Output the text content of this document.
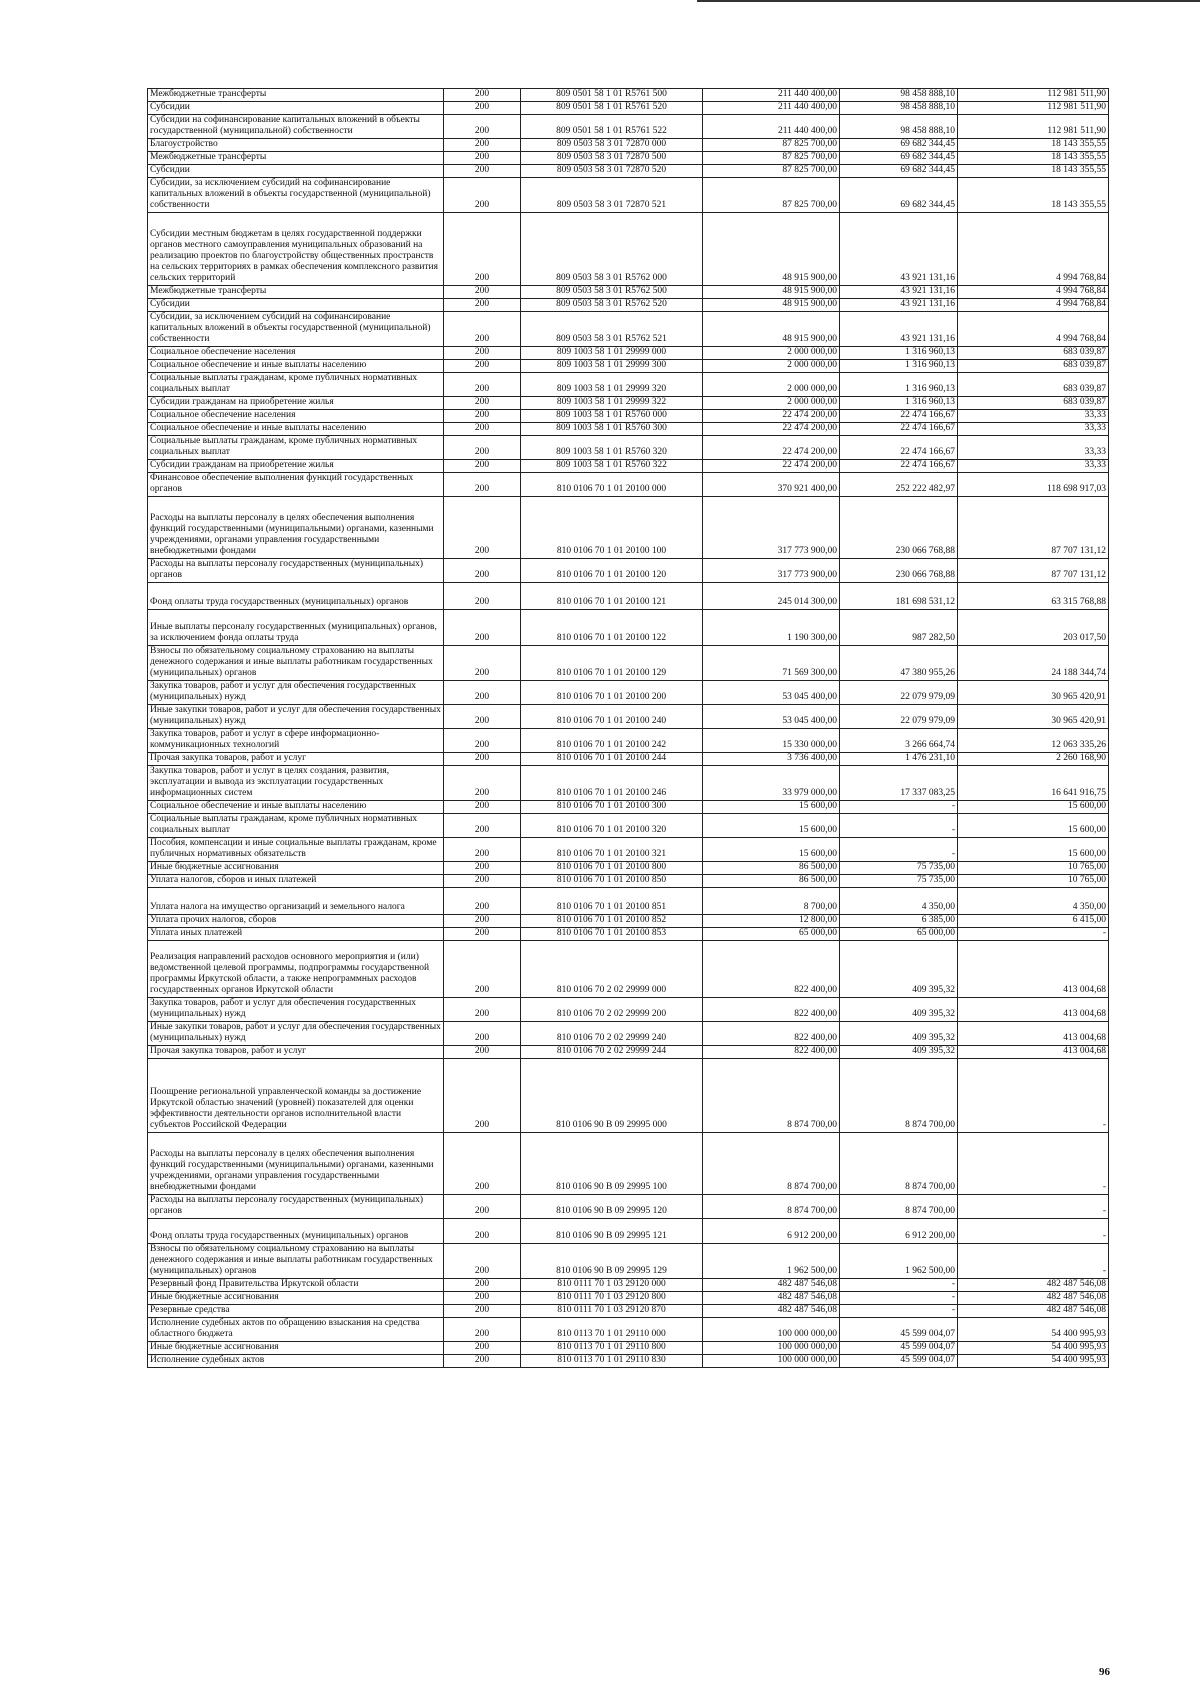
Межбюджетные трансферты	200	809 0501 58 1 01 R5761 500	211 440 400,00	98 458 888,10	112 981 511,90
Субсидии	200	809 0501 58 1 01 R5761 520	211 440 400,00	98 458 888,10	112 981 511,90
Субсидии на софинансирование капитальных вложений в объекты государственной (муниципальной) собственности	200	809 0501 58 1 01 R5761 522	211 440 400,00	98 458 888,10	112 981 511,90
Благоустройство	200	809 0503 58 3 01 72870 000	87 825 700,00	69 682 344,45	18 143 355,55
Межбюджетные трансферты	200	809 0503 58 3 01 72870 500	87 825 700,00	69 682 344,45	18 143 355,55
Субсидии	200	809 0503 58 3 01 72870 520	87 825 700,00	69 682 344,45	18 143 355,55
Субсидии, за исключением субсидий на софинансирование капитальных вложений в объекты государственной (муниципальной) собственности	200	809 0503 58 3 01 72870 521	87 825 700,00	69 682 344,45	18 143 355,55
Субсидии местным бюджетам в целях государственной поддержки органов местного самоуправления муниципальных образований на реализацию проектов по благоустройству общественных пространств на сельских территориях в рамках обеспечения комплексного развития сельских территорий	200	809 0503 58 3 01 R5762 000	48 915 900,00	43 921 131,16	4 994 768,84
Межбюджетные трансферты	200	809 0503 58 3 01 R5762 500	48 915 900,00	43 921 131,16	4 994 768,84
Субсидии	200	809 0503 58 3 01 R5762 520	48 915 900,00	43 921 131,16	4 994 768,84
Субсидии, за исключением субсидий на софинансирование капитальных вложений в объекты государственной (муниципальной) собственности	200	809 0503 58 3 01 R5762 521	48 915 900,00	43 921 131,16	4 994 768,84
Социальное обеспечение населения	200	809 1003 58 1 01 29999 000	2 000 000,00	1 316 960,13	683 039,87
Социальное обеспечение и иные выплаты населению	200	809 1003 58 1 01 29999 300	2 000 000,00	1 316 960,13	683 039,87
Социальные выплаты гражданам, кроме публичных нормативных социальных выплат	200	809 1003 58 1 01 29999 320	2 000 000,00	1 316 960,13	683 039,87
Субсидии гражданам на приобретение жилья	200	809 1003 58 1 01 29999 322	2 000 000,00	1 316 960,13	683 039,87
Социальное обеспечение населения	200	809 1003 58 1 01 R5760 000	22 474 200,00	22 474 166,67	33,33
Социальное обеспечение и иные выплаты населению	200	809 1003 58 1 01 R5760 300	22 474 200,00	22 474 166,67	33,33
Социальные выплаты гражданам, кроме публичных нормативных социальных выплат	200	809 1003 58 1 01 R5760 320	22 474 200,00	22 474 166,67	33,33
Субсидии гражданам на приобретение жилья	200	809 1003 58 1 01 R5760 322	22 474 200,00	22 474 166,67	33,33
Финансовое обеспечение выполнения функций государственных органов	200	810 0106 70 1 01 20100 000	370 921 400,00	252 222 482,97	118 698 917,03
Расходы на выплаты персоналу в целях обеспечения выполнения функций государственными (муниципальными) органами, казенными учреждениями, органами управления государственными внебюджетными фондами	200	810 0106 70 1 01 20100 100	317 773 900,00	230 066 768,88	87 707 131,12
Расходы на выплаты персоналу государственных (муниципальных) органов	200	810 0106 70 1 01 20100 120	317 773 900,00	230 066 768,88	87 707 131,12
Фонд оплаты труда государственных (муниципальных) органов	200	810 0106 70 1 01 20100 121	245 014 300,00	181 698 531,12	63 315 768,88
Иные выплаты персоналу государственных (муниципальных) органов, за исключением фонда оплаты труда	200	810 0106 70 1 01 20100 122	1 190 300,00	987 282,50	203 017,50
Взносы по обязательному социальному страхованию на выплаты денежного содержания и иные выплаты работникам государственных (муниципальных) органов	200	810 0106 70 1 01 20100 129	71 569 300,00	47 380 955,26	24 188 344,74
Закупка товаров, работ и услуг для обеспечения государственных (муниципальных) нужд	200	810 0106 70 1 01 20100 200	53 045 400,00	22 079 979,09	30 965 420,91
Иные закупки товаров, работ и услуг для обеспечения государственных (муниципальных) нужд	200	810 0106 70 1 01 20100 240	53 045 400,00	22 079 979,09	30 965 420,91
Закупка товаров, работ и услуг в сфере информационно-коммуникационных технологий	200	810 0106 70 1 01 20100 242	15 330 000,00	3 266 664,74	12 063 335,26
Прочая закупка товаров, работ и услуг	200	810 0106 70 1 01 20100 244	3 736 400,00	1 476 231,10	2 260 168,90
Закупка товаров, работ и услуг в целях создания, развития, эксплуатации и вывода из эксплуатации государственных информационных систем	200	810 0106 70 1 01 20100 246	33 979 000,00	17 337 083,25	16 641 916,75
Социальное обеспечение и иные выплаты населению	200	810 0106 70 1 01 20100 300	15 600,00	-	15 600,00
Социальные выплаты гражданам, кроме публичных нормативных социальных выплат	200	810 0106 70 1 01 20100 320	15 600,00	-	15 600,00
Пособия, компенсации и иные социальные выплаты гражданам, кроме публичных нормативных обязательств	200	810 0106 70 1 01 20100 321	15 600,00	-	15 600,00
Иные бюджетные ассигнования	200	810 0106 70 1 01 20100 800	86 500,00	75 735,00	10 765,00
Уплата налогов, сборов и иных платежей	200	810 0106 70 1 01 20100 850	86 500,00	75 735,00	10 765,00
Уплата налога на имущество организаций и земельного налога	200	810 0106 70 1 01 20100 851	8 700,00	4 350,00	4 350,00
Уплата прочих налогов, сборов	200	810 0106 70 1 01 20100 852	12 800,00	6 385,00	6 415,00
Уплата иных платежей	200	810 0106 70 1 01 20100 853	65 000,00	65 000,00	-
Реализация направлений расходов основного мероприятия и (или) ведомственной целевой программы, подпрограммы государственной программы Иркутской области, а также непрограммных расходов государственных органов Иркутской области	200	810 0106 70 2 02 29999 000	822 400,00	409 395,32	413 004,68
Закупка товаров, работ и услуг для обеспечения государственных (муниципальных) нужд	200	810 0106 70 2 02 29999 200	822 400,00	409 395,32	413 004,68
Иные закупки товаров, работ и услуг для обеспечения государственных (муниципальных) нужд	200	810 0106 70 2 02 29999 240	822 400,00	409 395,32	413 004,68
Прочая закупка товаров, работ и услуг	200	810 0106 70 2 02 29999 244	822 400,00	409 395,32	413 004,68
Поощрение региональной управленческой команды за достижение Иркутской областью значений (уровней) показателей для оценки эффективности деятельности органов исполнительной власти субъектов Российской Федерации	200	810 0106 90 В 09 29995 000	8 874 700,00	8 874 700,00	-
Расходы на выплаты персоналу в целях обеспечения выполнения функций государственными (муниципальными) органами, казенными учреждениями, органами управления государственными внебюджетными фондами	200	810 0106 90 В 09 29995 100	8 874 700,00	8 874 700,00	-
Расходы на выплаты персоналу государственных (муниципальных) органов	200	810 0106 90 В 09 29995 120	8 874 700,00	8 874 700,00	-
Фонд оплаты труда государственных (муниципальных) органов	200	810 0106 90 В 09 29995 121	6 912 200,00	6 912 200,00	-
Взносы по обязательному социальному страхованию на выплаты денежного содержания и иные выплаты работникам государственных (муниципальных) органов	200	810 0106 90 В 09 29995 129	1 962 500,00	1 962 500,00	-
Резервный фонд Правительства Иркутской области	200	810 0111 70 1 03 29120 000	482 487 546,08	-	482 487 546,08
Иные бюджетные ассигнования	200	810 0111 70 1 03 29120 800	482 487 546,08	-	482 487 546,08
Резервные средства	200	810 0111 70 1 03 29120 870	482 487 546,08	-	482 487 546,08
Исполнение судебных актов по обращению взыскания на средства областного бюджета	200	810 0113 70 1 01 29110 000	100 000 000,00	45 599 004,07	54 400 995,93
Иные бюджетные ассигнования	200	810 0113 70 1 01 29110 800	100 000 000,00	45 599 004,07	54 400 995,93
Исполнение судебных актов	200	810 0113 70 1 01 29110 830	100 000 000,00	45 599 004,07	54 400 995,93
96
